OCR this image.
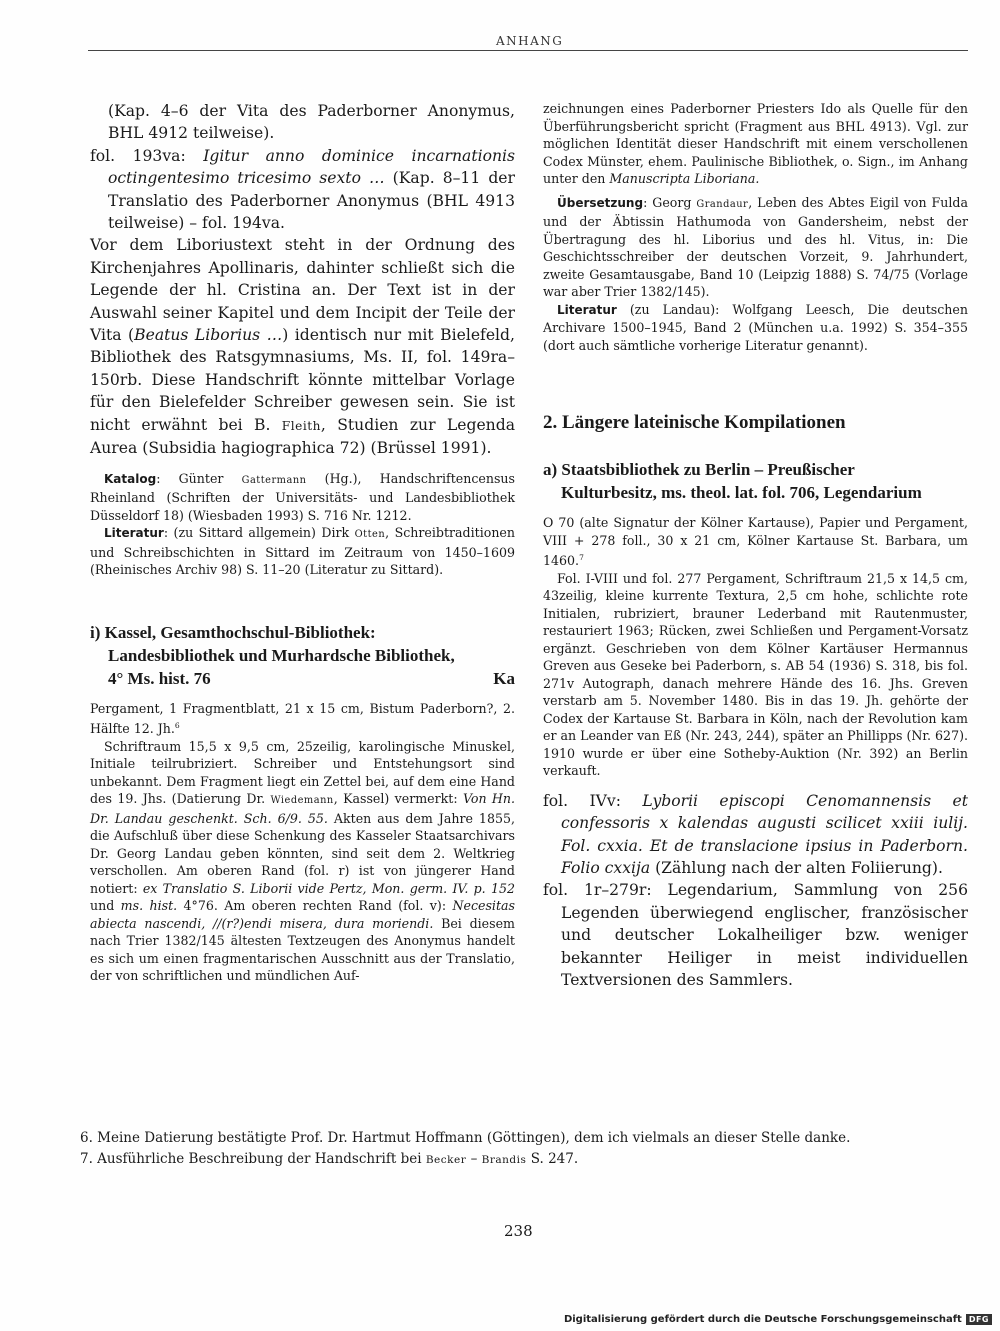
ANHANG

(Kap. 4–6 der Vita des Paderborner Anonymus, BHL 4912 teilweise).

fol. 193va: Igitur anno dominice incarnationis octingentesimo tricesimo sexto … (Kap. 8–11 der Translatio des Paderborner Anonymus (BHL 4913 teilweise) – fol. 194va.

Vor dem Liboriustext steht in der Ordnung des Kirchenjahres Apollinaris, dahinter schließt sich die Legende der hl. Cristina an. Der Text ist in der Auswahl seiner Kapitel und dem Incipit der Teile der Vita (Beatus Liborius …) identisch nur mit Bielefeld, Bibliothek des Ratsgymnasiums, Ms. II, fol. 149ra–150rb. Diese Handschrift könnte mittelbar Vorlage für den Bielefelder Schreiber gewesen sein. Sie ist nicht erwähnt bei B. Fleith, Studien zur Legenda Aurea (Subsidia hagiographica 72) (Brüssel 1991).

Katalog: Günter Gattermann (Hg.), Handschriftencensus Rheinland (Schriften der Universitäts- und Landesbibliothek Düsseldorf 18) (Wiesbaden 1993) S. 716 Nr. 1212.

Literatur: (zu Sittard allgemein) Dirk Otten, Schreibtraditionen und Schreibschichten in Sittard im Zeitraum von 1450–1609 (Rheinisches Archiv 98) S. 11–20 (Literatur zu Sittard).

i) Kassel, Gesamthochschul-Bibliothek:
Landesbibliothek und Murhardsche Bibliothek,
4° Ms. hist. 76	Ka

Pergament, 1 Fragmentblatt, 21 x 15 cm, Bistum Paderborn?, 2. Hälfte 12. Jh.$^6$

Schriftraum 15,5 x 9,5 cm, 25zeilig, karolingische Minuskel, Initiale teilrubriziert. Schreiber und Entstehungsort sind unbekannt. Dem Fragment liegt ein Zettel bei, auf dem eine Hand des 19. Jhs. (Datierung Dr. Wiedemann, Kassel) vermerkt: Von Hn. Dr. Landau geschenkt. Sch. 6/9. 55. Akten aus dem Jahre 1855, die Aufschluß über diese Schenkung des Kasseler Staatsarchivars Dr. Georg Landau geben könnten, sind seit dem 2. Weltkrieg verschollen. Am oberen Rand (fol. r) ist von jüngerer Hand notiert: ex Translatio S. Liborii vide Pertz, Mon. germ. IV. p. 152 und ms. hist. 4°76. Am oberen rechten Rand (fol. v): Necesitas abiecta nascendi, //(r?)endi misera, dura moriendi. Bei diesem nach Trier 1382/145 ältesten Textzeugen des Anonymus handelt es sich um einen fragmentarischen Ausschnitt aus der Translatio, der von schriftlichen und mündlichen Auf-

zeichnungen eines Paderborner Priesters Ido als Quelle für den Überführungsbericht spricht (Fragment aus BHL 4913). Vgl. zur möglichen Identität dieser Handschrift mit einem verschollenen Codex Münster, ehem. Paulinische Bibliothek, o. Sign., im Anhang unter den Manuscripta Liboriana.

Übersetzung: Georg Grandaur, Leben des Abtes Eigil von Fulda und der Äbtissin Hathumoda von Gandersheim, nebst der Übertragung des hl. Liborius und des hl. Vitus, in: Die Geschichtsschreiber der deutschen Vorzeit, 9. Jahrhundert, zweite Gesamtausgabe, Band 10 (Leipzig 1888) S. 74/75 (Vorlage war aber Trier 1382/145).

Literatur (zu Landau): Wolfgang Leesch, Die deutschen Archivare 1500–1945, Band 2 (München u.a. 1992) S. 354–355 (dort auch sämtliche vorherige Literatur genannt).

2. Längere lateinische Kompilationen
a) Staatsbibliothek zu Berlin – Preußischer
Kulturbesitz, ms. theol. lat. fol. 706, Legendarium

O 70 (alte Signatur der Kölner Kartause), Papier und Pergament, VIII + 278 foll., 30 x 21 cm, Kölner Kartause St. Barbara, um 1460.$^7$

Fol. I-VIII und fol. 277 Pergament, Schriftraum 21,5 x 14,5 cm, 43zeilig, kleine kurrente Textura, 2,5 cm hohe, schlichte rote Initialen, rubriziert, brauner Lederband mit Rautenmuster, restauriert 1963; Rücken, zwei Schließen und Pergament-Vorsatz ergänzt. Geschrieben von dem Kölner Kartäuser Hermannus Greven aus Geseke bei Paderborn, s. AB 54 (1936) S. 318, bis fol. 271v Autograph, danach mehrere Hände des 16. Jhs. Greven verstarb am 5. November 1480. Bis in das 19. Jh. gehörte der Codex der Kartause St. Barbara in Köln, nach der Revolution kam er an Leander van Eß (Nr. 243, 244), später an Phillipps (Nr. 627). 1910 wurde er über eine Sotheby-Auktion (Nr. 392) an Berlin verkauft.

fol. IVv: Lyborii episcopi Cenomannensis et confessoris x kalendas augusti scilicet xxiii iulij. Fol. cxxia. Et de translacione ipsius in Paderborn. Folio cxxija (Zählung nach der alten Foliierung).

fol. 1r–279r: Legendarium, Sammlung von 256 Legenden überwiegend englischer, französischer und deutscher Lokalheiliger bzw. weniger bekannter Heiliger in meist individuellen Textversionen des Sammlers.

6. Meine Datierung bestätigte Prof. Dr. Hartmut Hoffmann (Göttingen), dem ich vielmals an dieser Stelle danke.

7. Ausführliche Beschreibung der Handschrift bei Becker – Brandis S. 247.

238
Digitalisierung gefördert durch die Deutsche Forschungsgemeinschaft DFG
